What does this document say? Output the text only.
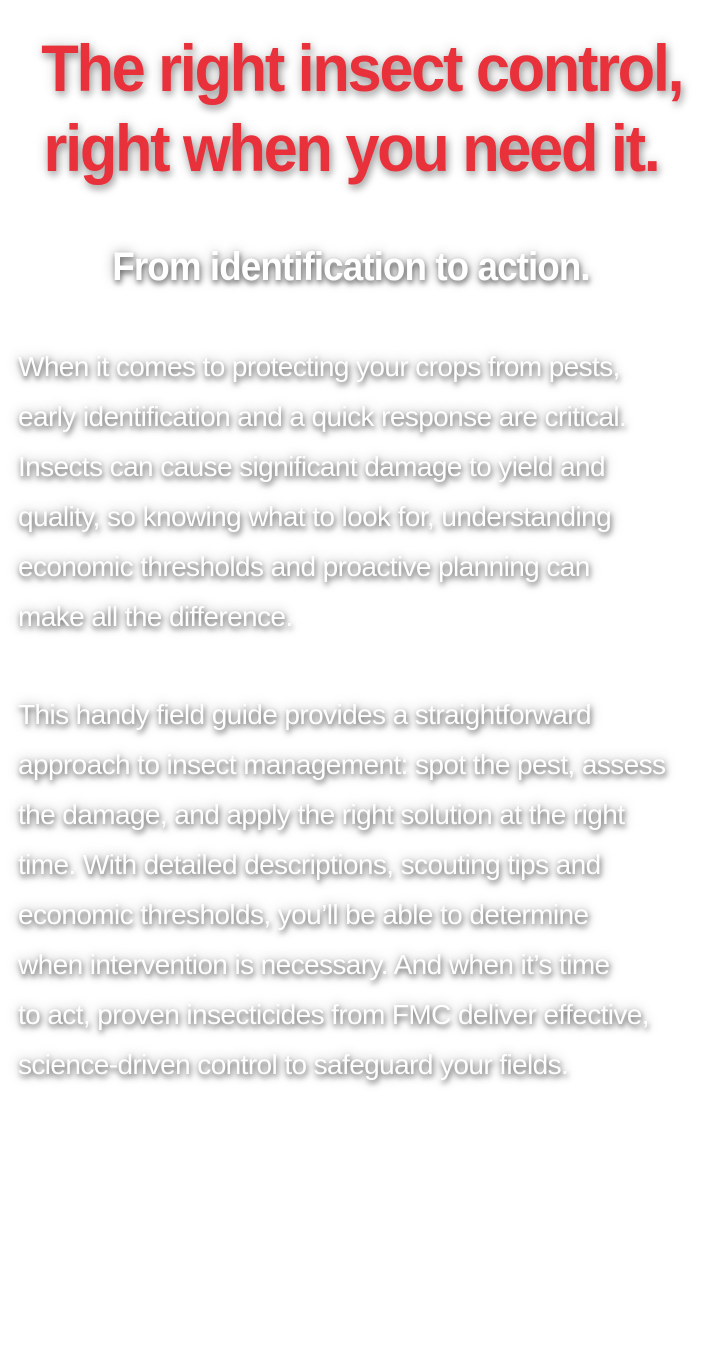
The right insect control,
right when you need it.
From identification to action.

When it comes to protecting your crops from pests,
early identification and a quick response are critical.
Insects can cause significant damage to yield and
quality, so knowing what to look for, understanding
economic thresholds and proactive planning can
make all the difference.

This handy field guide provides a straightforward
approach to insect management: spot the pest, assess
the damage, and apply the right solution at the right
time. With detailed descriptions, scouting tips and
economic thresholds, you’ll be able to determine
when intervention is necessary. And when it’s time
to act, proven insecticides from FMC deliver effective,
science-driven control to safeguard your fields.
